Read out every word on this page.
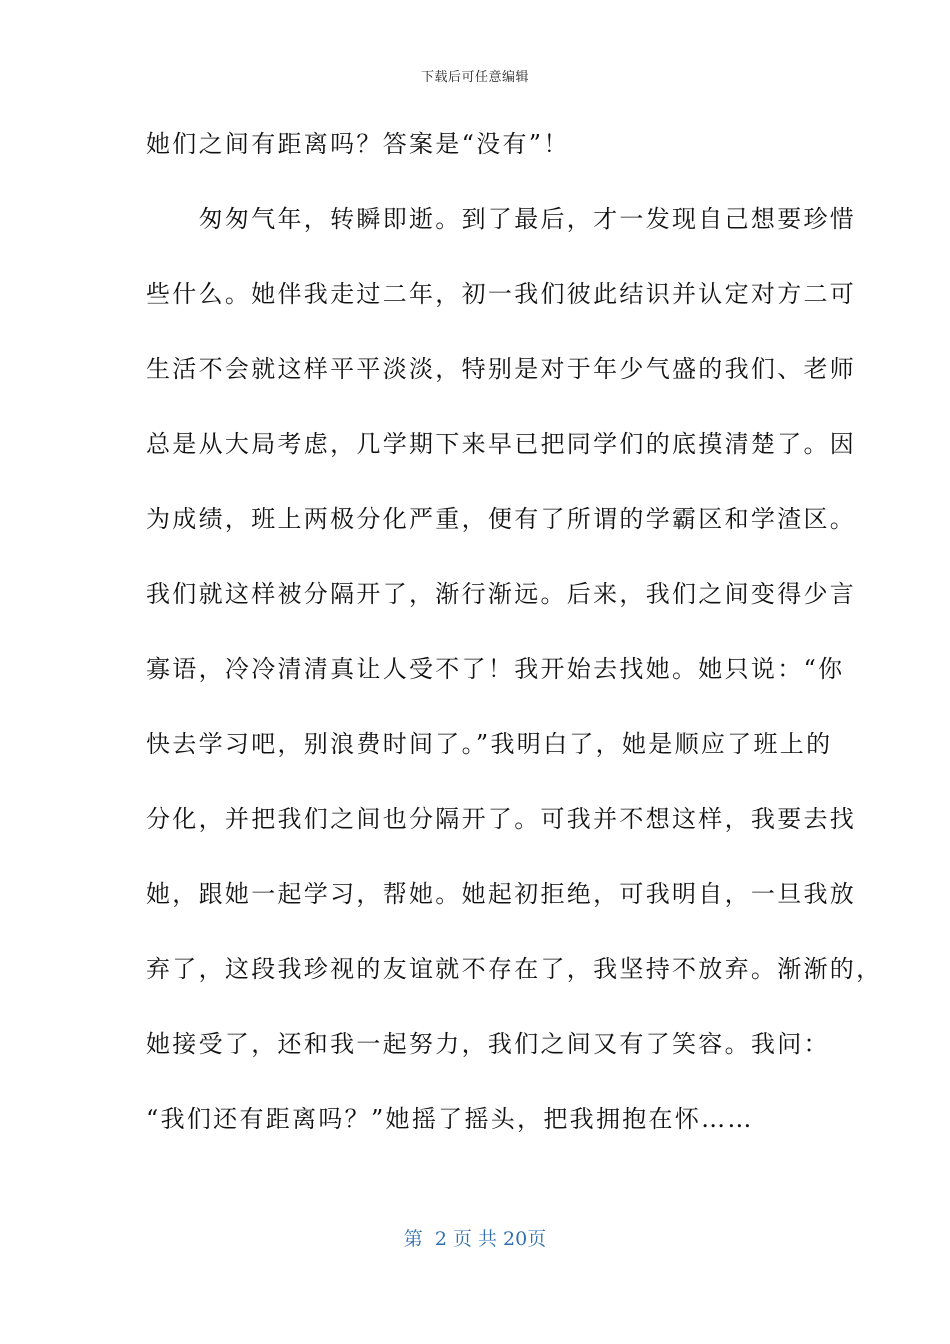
下载后可任意编辑
她们之间有距离吗？答案是“没有”！
　　匆匆气年，转瞬即逝。到了最后，才一发现自己想要珍惜
些什么。她伴我走过二年，初一我们彼此结识并认定对方二可
生活不会就这样平平淡淡，特别是对于年少气盛的我们、老师
总是从大局考虑，几学期下来早已把同学们的底摸清楚了。因
为成绩，班上两极分化严重，便有了所谓的学霸区和学渣区。
我们就这样被分隔开了，渐行渐远。后来，我们之间变得少言
寡语，冷冷清清真让人受不了！我开始去找她。她只说：“你
快去学习吧，别浪费时间了。”我明白了，她是顺应了班上的
分化，并把我们之间也分隔开了。可我并不想这样，我要去找
她，跟她一起学习，帮她。她起初拒绝，可我明自，一旦我放
弃了，这段我珍视的友谊就不存在了，我坚持不放弃。渐渐的，
她接受了，还和我一起努力，我们之间又有了笑容。我问：
“我们还有距离吗？”她摇了摇头，把我拥抱在怀……
第  2 页 共 20页
